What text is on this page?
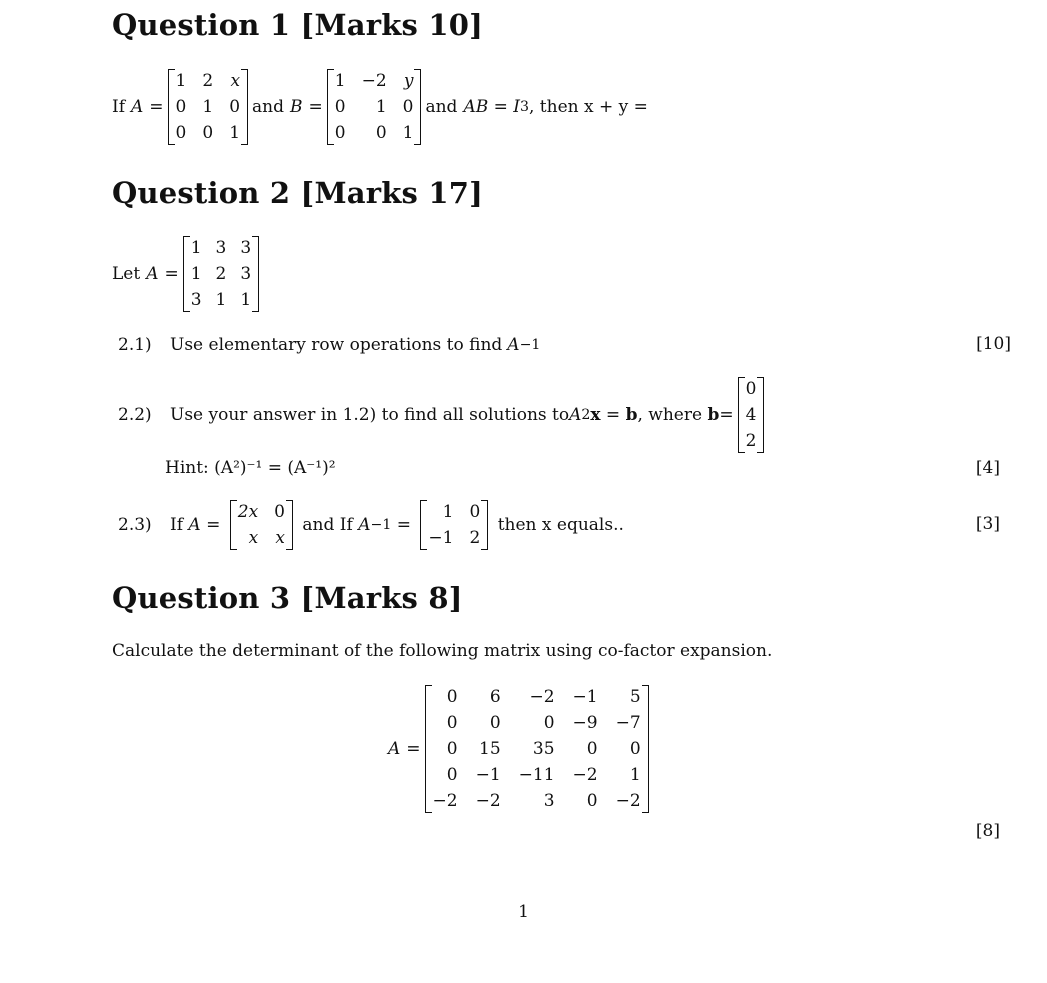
Question 1 [Marks 10]
If A =
1 2 x
0 1 0
0 0 1
and B =
1 −2 y
0	1 0
0	0 1
and AB = I 3 , then x + y =
Question 2 [Marks 17]
Let A =
1 3 3
1 2 3
3 1 1
2.1)	Use elementary row operations to find A −1	[10]
2.2)	Use your answer in 1.2) to find all solutions to A 2 x = b , where b =
0
4
2
Hint: (A²)⁻¹ = (A⁻¹)²	[4]
2.3)	If A =
2x 0
x x
and If A −1 =
1 0
−1 2
then x equals..	[3]
Question 3 [Marks 8]
Calculate the determinant of the following matrix using co-factor expansion.
A =
0	6	−2 −1	5
0	0	0 −9 −7
0 15	35	0	0
0 −1 −11 −2	1
−2 −2	3	0 −2
[8]
1
